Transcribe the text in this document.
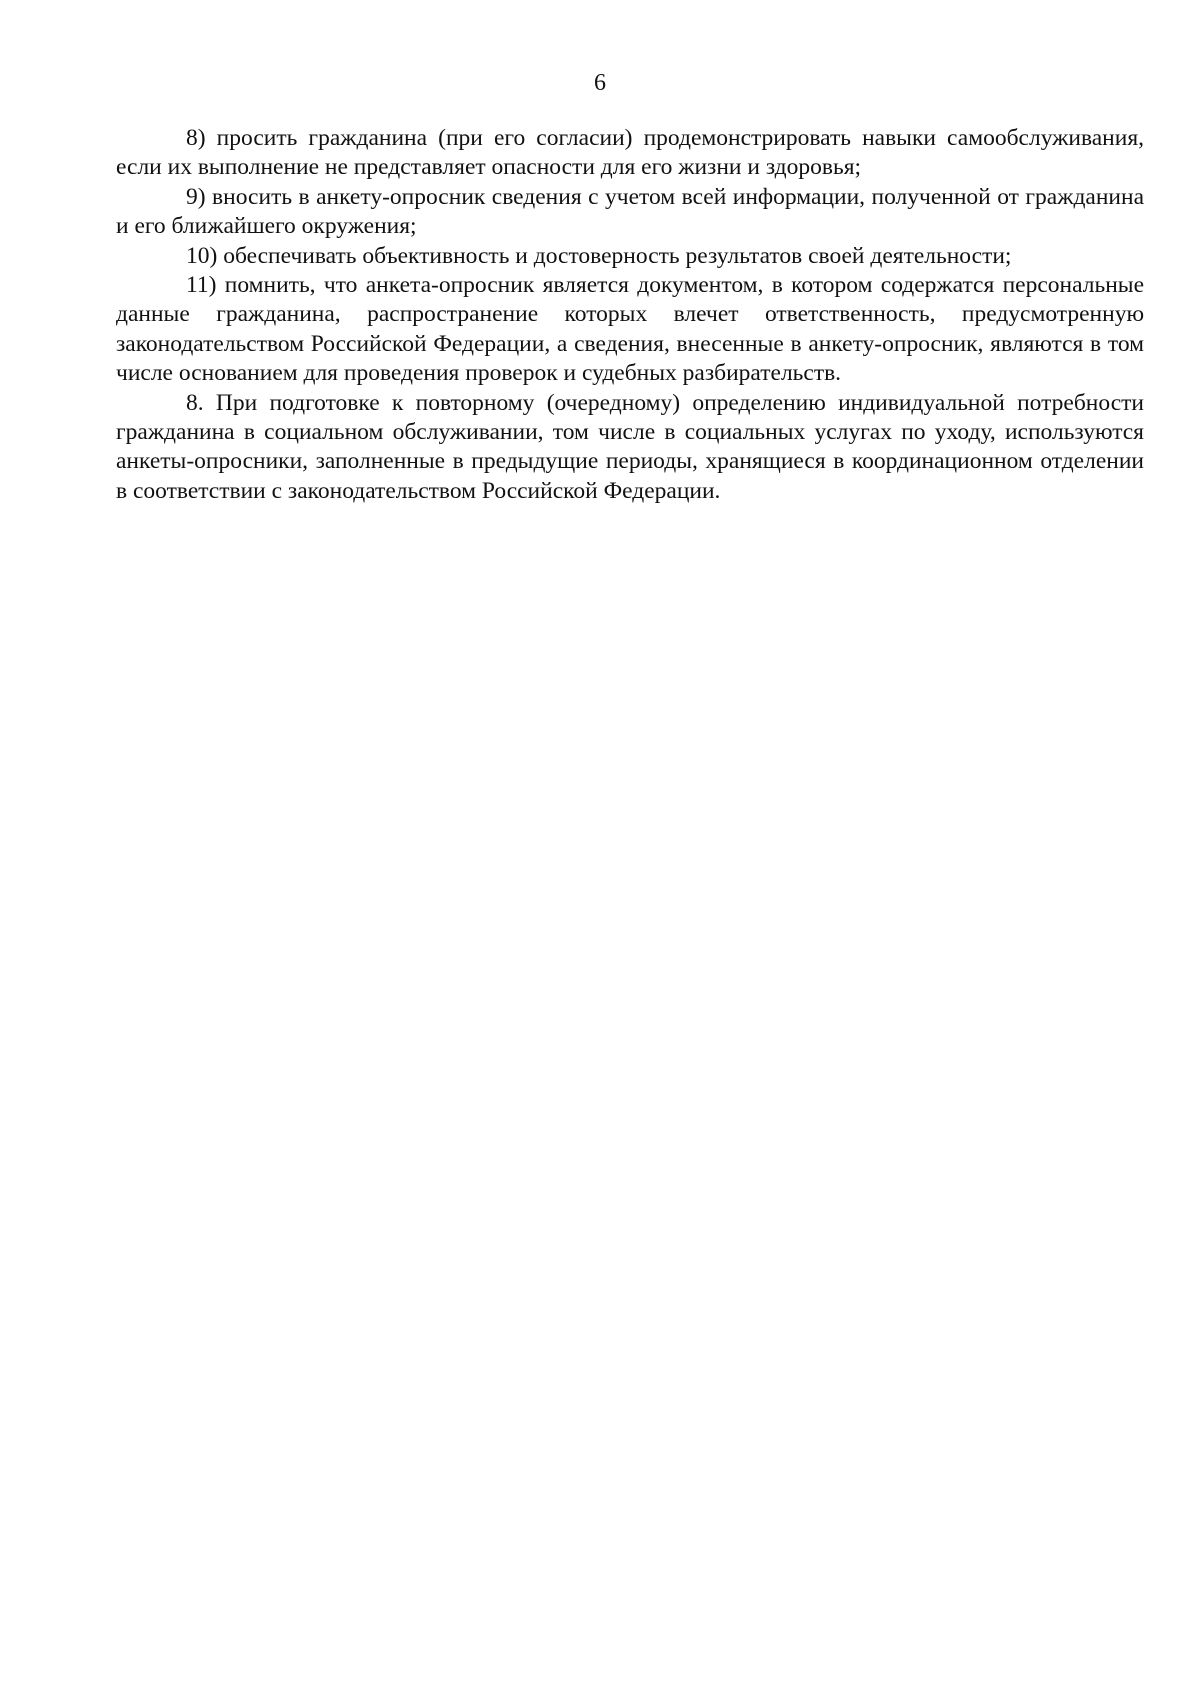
6

8) просить гражданина (при его согласии) продемонстрировать навыки самообслуживания, если их выполнение не представляет опасности для его жизни и здоровья;

9) вносить в анкету-опросник сведения с учетом всей информации, полученной от гражданина и его ближайшего окружения;

10) обеспечивать объективность и достоверность результатов своей деятельности;

11) помнить, что анкета-опросник является документом, в котором содержатся персональные данные гражданина, распространение которых влечет ответственность, предусмотренную законодательством Российской Федерации, а сведения, внесенные в анкету-опросник, являются в том числе основанием для проведения проверок и судебных разбирательств.

8. При подготовке к повторному (очередному) определению индивидуальной потребности гражданина в социальном обслуживании, том числе в социальных услугах по уходу, используются анкеты-опросники, заполненные в предыдущие периоды, хранящиеся в координационном отделении в соответствии с законодательством Российской Федерации.
